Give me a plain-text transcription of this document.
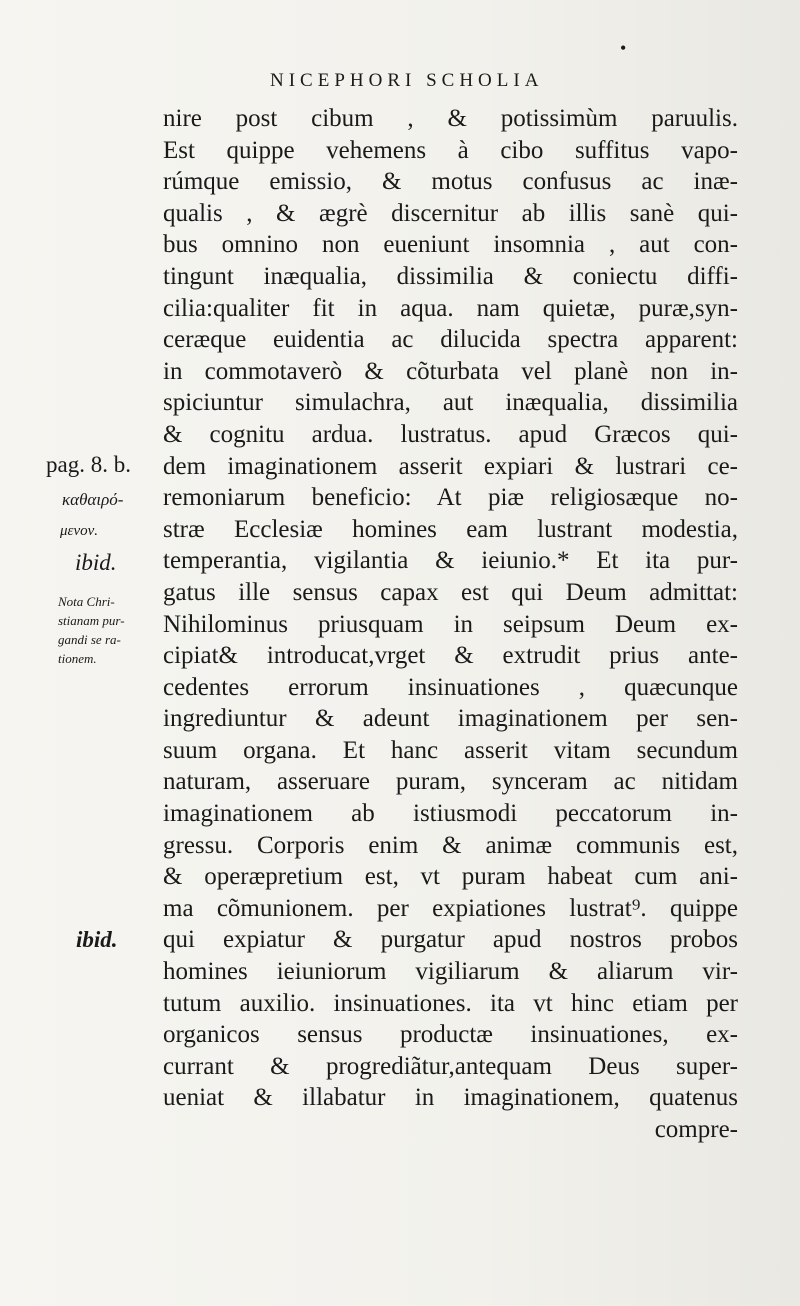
•
NICEPHORI SCHOLIA
pag. 8. b.
καθαιρό-
μενον.
ibid.
Nota Chri-
stianam pur-
gandi se ra-
tionem.
ibid.
nire post cibum , & potissimùm paruulis.
Est quippe vehemens à cibo suffitus vapo-
rúmque emissio, & motus confusus ac inæ-
qualis , & ægrè discernitur ab illis sanè qui-
bus omnino non eueniunt insomnia , aut con-
tingunt inæqualia, dissimilia & coniectu diffi-
cilia:qualiter fit in aqua. nam quietæ, puræ,syn-
ceræque euidentia ac dilucida spectra apparent:
in commotaverò & cõturbata vel planè non in-
spiciuntur simulachra, aut inæqualia, dissimilia
& cognitu ardua. lustratus. apud Græcos qui-
dem imaginationem asserit expiari & lustrari ce-
remoniarum beneficio: At piæ religiosæque no-
stræ Ecclesiæ homines eam lustrant modestia,
temperantia, vigilantia & ieiunio.* Et ita pur-
gatus ille sensus capax est qui Deum admittat:
Nihilominus priusquam in seipsum Deum ex-
cipiat& introducat,vrget & extrudit prius ante-
cedentes errorum insinuationes , quæcunque
ingrediuntur & adeunt imaginationem per sen-
suum organa. Et hanc asserit vitam secundum
naturam, asseruare puram, synceram ac nitidam
imaginationem ab istiusmodi peccatorum in-
gressu. Corporis enim & animæ communis est,
& operæpretium est, vt puram habeat cum ani-
ma cõmunionem. per expiationes lustrat⁹. quippe
qui expiatur & purgatur apud nostros probos
homines ieiuniorum vigiliarum & aliarum vir-
tutum auxilio. insinuationes. ita vt hinc etiam per
organicos sensus productæ insinuationes, ex-
currant & progrediãtur,antequam Deus super-
ueniat & illabatur in imaginationem, quatenus
compre-
